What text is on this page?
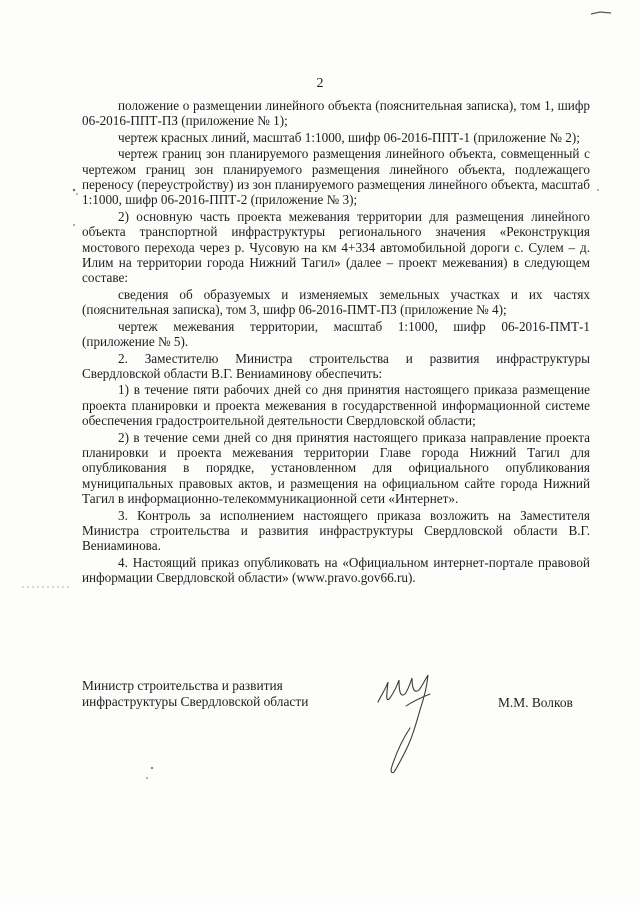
2

положение о размещении линейного объекта (пояснительная записка), том 1, шифр 06-2016-ППТ-ПЗ (приложение № 1);

чертеж красных линий, масштаб 1:1000, шифр 06-2016-ППТ-1 (приложение № 2);

чертеж границ зон планируемого размещения линейного объекта, совмещенный с чертежом границ зон планируемого размещения линейного объекта, подлежащего переносу (переустройству) из зон планируемого размещения линейного объекта, масштаб 1:1000, шифр 06-2016-ППТ-2 (приложение № 3);

2) основную часть проекта межевания территории для размещения линейного объекта транспортной инфраструктуры регионального значения «Реконструкция мостового перехода через р. Чусовую на км 4+334 автомобильной дороги с. Сулем – д. Илим на территории города Нижний Тагил» (далее – проект межевания) в следующем составе:

сведения об образуемых и изменяемых земельных участках и их частях (пояснительная записка), том 3, шифр 06-2016-ПМТ-ПЗ (приложение № 4);

чертеж межевания территории, масштаб 1:1000, шифр 06-2016-ПМТ-1 (приложение № 5).

2. Заместителю Министра строительства и развития инфраструктуры Свердловской области В.Г. Вениаминову обеспечить:

1) в течение пяти рабочих дней со дня принятия настоящего приказа размещение проекта планировки и проекта межевания в государственной информационной системе обеспечения градостроительной деятельности Свердловской области;

2) в течение семи дней со дня принятия настоящего приказа направление проекта планировки и проекта межевания территории Главе города Нижний Тагил для опубликования в порядке, установленном для официального опубликования муниципальных правовых актов, и размещения на официальном сайте города Нижний Тагил в информационно-телекоммуникационной сети «Интернет».

3. Контроль за исполнением настоящего приказа возложить на Заместителя Министра строительства и развития инфраструктуры Свердловской области В.Г. Вениаминова.

4. Настоящий приказ опубликовать на «Официальном интернет-портале правовой информации Свердловской области» (www.pravo.gov66.ru).

Министр строительства и развития
инфраструктуры Свердловской области	М.М. Волков
